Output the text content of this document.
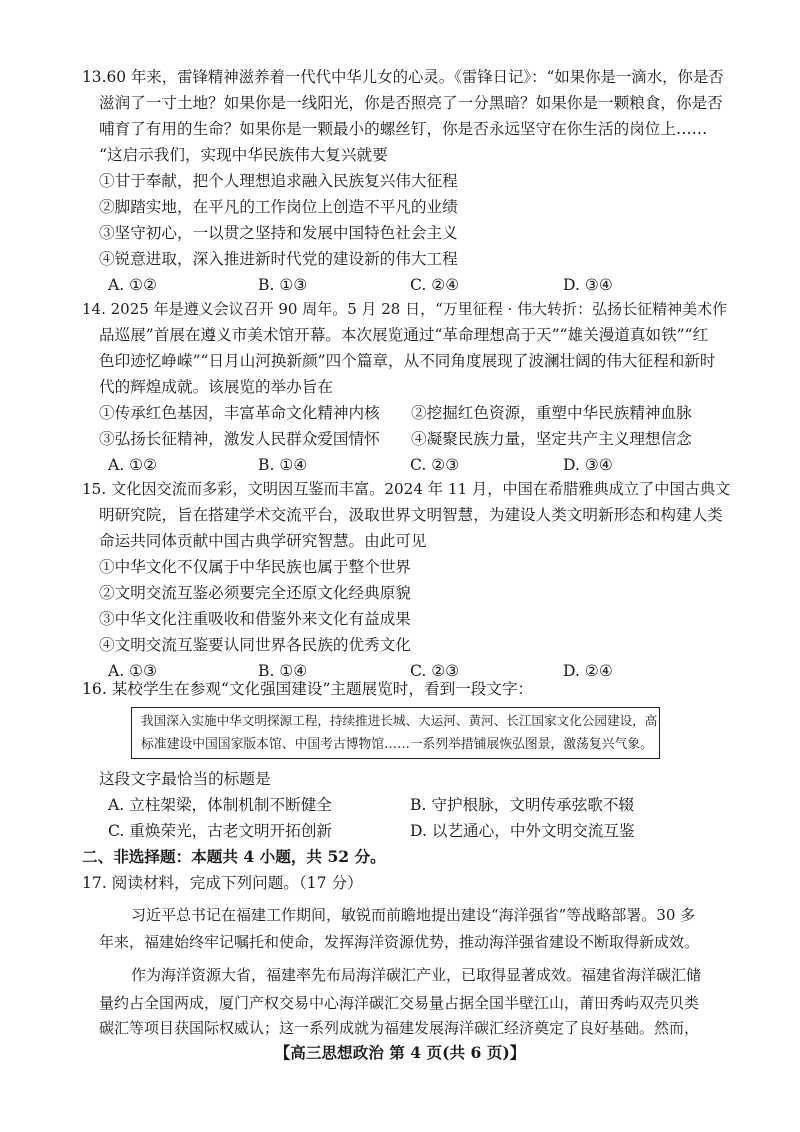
13.60 年来，雷锋精神滋养着一代代中华儿女的心灵。《雷锋日记》：“如果你是一滴水，你是否
滋润了一寸土地？如果你是一线阳光，你是否照亮了一分黑暗？如果你是一颗粮食，你是否
哺育了有用的生命？如果你是一颗最小的螺丝钉，你是否永远坚守在你生活的岗位上……
“这启示我们，实现中华民族伟大复兴就要
①甘于奉献，把个人理想追求融入民族复兴伟大征程
②脚踏实地，在平凡的工作岗位上创造不平凡的业绩
③坚守初心，一以贯之坚持和发展中国特色社会主义
④锐意进取，深入推进新时代党的建设新的伟大工程
A. ①②	B. ①③	C. ②④	D. ③④
14. 2025 年是遵义会议召开 90 周年。5 月 28 日，“万里征程 · 伟大转折：弘扬长征精神美术作
品巡展”首展在遵义市美术馆开幕。本次展览通过“革命理想高于天”“雄关漫道真如铁”“红
色印迹忆峥嵘”“日月山河换新颜”四个篇章，从不同角度展现了波澜壮阔的伟大征程和新时
代的辉煌成就。该展览的举办旨在
①传承红色基因，丰富革命文化精神内核 ②挖掘红色资源，重塑中华民族精神血脉
③弘扬长征精神，激发人民群众爱国情怀 ④凝聚民族力量，坚定共产主义理想信念
A. ①②	B. ①④	C. ②③	D. ③④
15. 文化因交流而多彩，文明因互鉴而丰富。2024 年 11 月，中国在希腊雅典成立了中国古典文
明研究院，旨在搭建学术交流平台，汲取世界文明智慧，为建设人类文明新形态和构建人类
命运共同体贡献中国古典学研究智慧。由此可见
①中华文化不仅属于中华民族也属于整个世界
②文明交流互鉴必须要完全还原文化经典原貌
③中华文化注重吸收和借鉴外来文化有益成果
④文明交流互鉴要认同世界各民族的优秀文化
A. ①③	B. ①④	C. ②③	D. ②④
16. 某校学生在参观“文化强国建设”主题展览时，看到一段文字：
我国深入实施中华文明探源工程，持续推进长城、大运河、黄河、长江国家文化公园建设，高
标准建设中国国家版本馆、中国考古博物馆……一系列举措铺展恢弘图景，激荡复兴气象。
这段文字最恰当的标题是
A. 立柱架梁，体制机制不断健全	B. 守护根脉，文明传承弦歌不辍
C. 重焕荣光，古老文明开拓创新	D. 以艺通心，中外文明交流互鉴
二、非选择题：本题共 4 小题，共 52 分。
17. 阅读材料，完成下列问题。（17 分）
习近平总书记在福建工作期间，敏锐而前瞻地提出建设“海洋强省”等战略部署。30 多
年来，福建始终牢记嘱托和使命，发挥海洋资源优势，推动海洋强省建设不断取得新成效。
作为海洋资源大省，福建率先布局海洋碳汇产业，已取得显著成效。福建省海洋碳汇储
量约占全国两成，厦门产权交易中心海洋碳汇交易量占据全国半壁江山，莆田秀屿双壳贝类
碳汇等项目获国际权威认；这一系列成就为福建发展海洋碳汇经济奠定了良好基础。然而，
【高三思想政治 第 4 页(共 6 页)】
